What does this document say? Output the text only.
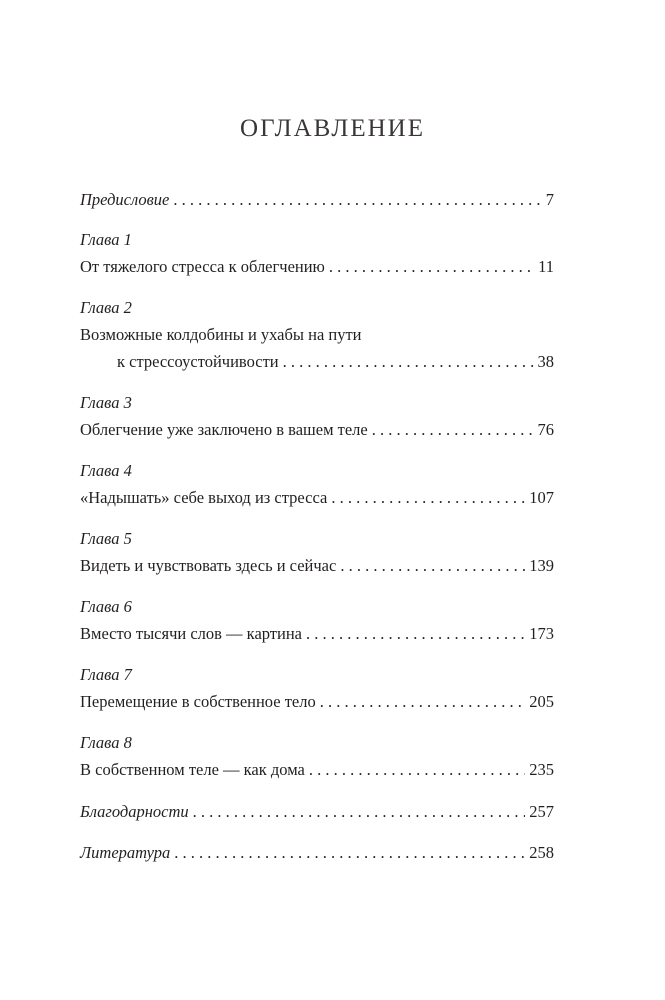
ОГЛАВЛЕНИЕ
Предисловие . . .	7
Глава 1
От тяжелого стресса к облегчению . . .	11
Глава 2
Возможные колдобины и ухабы на пути
к стрессоустойчивости . . .	38
Глава 3
Облегчение уже заключено в вашем теле . . .	76
Глава 4
«Надышать» себе выход из стресса . . .	107
Глава 5
Видеть и чувствовать здесь и сейчас . . .	139
Глава 6
Вместо тысячи слов — картина . . .	173
Глава 7
Перемещение в собственное тело . . .	205
Глава 8
В собственном теле — как дома . . .	235
Благодарности . . .	257
Литература . . .	258
